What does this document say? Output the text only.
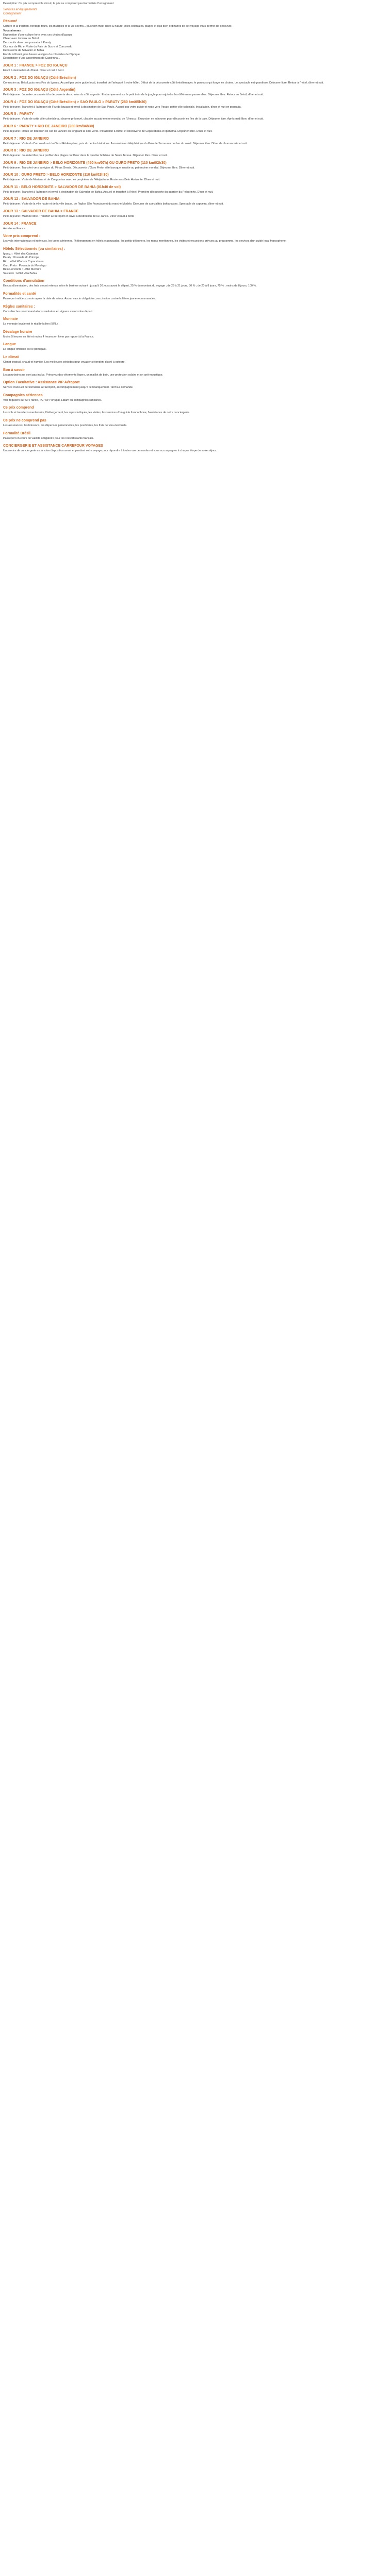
Description: Ce prix comprend le circuit, le prix ne comprend pas Formalités Consignment

Services et équipements
Consignment
Résumé

Culture et la tradition, heritage tours, les multiples of la vie seems... plus with most cities & nature, villes coloniales, plages et plus bien ordinaires de cet voyage vous permet de découvrir.

Vous aimerez :
Exploration d'une culture forte avec ces chutes d'Iguaçu
Cheer avec travaux au Brésil
Deux nuits dans une pousada à Paraty
City tour de Rio et Visite du Pain de Sucre et Corcovado
Découverte de Salvador et Bahia
Escale à Parati, plus beaux vestiges du coloniales de l'époque
Dégustation d'une assortiment de Caipirinha...
JOUR 1 : FRANCE > FOZ DO IGUAÇU

Envol à destination du Brésil. Dîner et nuit à bord.

JOUR 2 : FOZ DO IGUAÇU (Côté Brésilien)

Connexion au Brésil, puis vers Foz do Iguaçu. Accueil par votre guide local, transfert de l'aéroport à votre hôtel. Début de la découverte côté brésilien avec le parcours qui longe les chutes. Le spectacle est grandiose. Déjeuner libre. Retour à l'hôtel, dîner et nuit.

JOUR 3 : FOZ DO IGUAÇU (Côté Argentin)

Petit-déjeuner. Journée consacrée à la découverte des chutes du côté argentin. Embarquement sur le petit train de la jungle pour rejoindre les différentes passerelles. Déjeuner libre. Retour au Brésil, dîner et nuit.

JOUR 4 : FOZ DO IGUAÇU (Côté Brésilien) > SAO PAULO > PARATY (280 km/05h30)

Petit-déjeuner. Transfert à l'aéroport de Foz do Iguaçu et envol à destination de Sao Paulo. Accueil par votre guide et route vers Paraty, petite ville coloniale. Installation, dîner et nuit en pousada.

JOUR 5 : PARATY

Petit-déjeuner. Visite de cette ville coloniale au charme préservé, classée au patrimoine mondial de l'Unesco. Excursion en schooner pour découvrir les îles de la baie. Déjeuner libre. Après-midi libre, dîner et nuit.

JOUR 6 : PARATY > RIO DE JANEIRO (260 km/04h30)

Petit-déjeuner. Route en direction de Rio de Janeiro en longeant la côte verte. Installation à l'hôtel et découverte de Copacabana et Ipanema. Déjeuner libre. Dîner et nuit.

JOUR 7 : RIO DE JANEIRO

Petit-déjeuner. Visite du Corcovado et du Christ Rédempteur, puis du centre historique. Ascension en téléphérique du Pain de Sucre au coucher du soleil. Déjeuner libre. Dîner de churrascaria et nuit.

JOUR 8 : RIO DE JANEIRO

Petit-déjeuner. Journée libre pour profiter des plages ou flâner dans le quartier bohème de Santa Teresa. Déjeuner libre. Dîner et nuit.

JOUR 9 : RIO DE JANEIRO > BELO HORIZONTE (450 km/07h) OU OURO PRETO (110 km/02h30)

Petit-déjeuner. Transfert vers la région du Minas Gerais. Découverte d'Ouro Preto, ville baroque inscrite au patrimoine mondial. Déjeuner libre. Dîner et nuit.

JOUR 10 : OURO PRETO > BELO HORIZONTE (110 km/02h30)

Petit-déjeuner. Visite de Mariana et de Congonhas avec les prophètes de l'Aleijadinho. Route vers Belo Horizonte. Dîner et nuit.

JOUR 11 : BELO HORIZONTE > SALVADOR DE BAHIA (01h40 de vol)

Petit-déjeuner. Transfert à l'aéroport et envol à destination de Salvador de Bahia. Accueil et transfert à l'hôtel. Première découverte du quartier du Pelourinho. Dîner et nuit.

JOUR 12 : SALVADOR DE BAHIA

Petit-déjeuner. Visite de la ville haute et de la ville basse, de l'église São Francisco et du marché Modelo. Déjeuner de spécialités bahianaises. Spectacle de capoeira, dîner et nuit.

JOUR 13 : SALVADOR DE BAHIA > FRANCE

Petit-déjeuner. Matinée libre. Transfert à l'aéroport et envol à destination de la France. Dîner et nuit à bord.

JOUR 14 : FRANCE

Arrivée en France.

Votre prix comprend :

Les vols internationaux et intérieurs, les taxes aériennes, l'hébergement en hôtels et pousadas, les petits-déjeuners, les repas mentionnés, les visites et excursions prévues au programme, les services d'un guide local francophone.

Hôtels Sélectionnés (ou similaires) :
Iguaçu : Hôtel des Cataratas
Paraty : Pousada do Principe
Rio : Hôtel Windsor Copacabana
Ouro Preto : Pousada do Mondego
Belo Horizonte : Hôtel Mercure
Salvador : Hôtel Villa Bahia
Conditions d'annulation

En cas d'annulation, des frais seront retenus selon le barème suivant : jusqu'à 30 jours avant le départ, 25 % du montant du voyage ; de 29 à 21 jours, 50 % ; de 20 à 8 jours, 75 % ; moins de 8 jours, 100 %.

Formalités et santé

Passeport valide six mois après la date de retour. Aucun vaccin obligatoire, vaccination contre la fièvre jaune recommandée.

Règles sanitaires :

Consultez les recommandations sanitaires en vigueur avant votre départ.

Monnaie

La monnaie locale est le réal brésilien (BRL).

Décalage horaire

Moins 5 heures en été et moins 4 heures en hiver par rapport à la France.

Langue

La langue officielle est le portugais.

Le climat

Climat tropical, chaud et humide. Les meilleures périodes pour voyager s'étendent d'avril à octobre.

Bon à savoir

Les pourboires ne sont pas inclus. Prévoyez des vêtements légers, un maillot de bain, une protection solaire et un anti-moustique.

Option Facultative : Assistance VIP Aéroport

Service d'accueil personnalisé à l'aéroport, accompagnement jusqu'à l'embarquement. Tarif sur demande.

Compagnies aériennes

Vols réguliers sur Air France, TAP Air Portugal, Latam ou compagnies similaires.

Ce prix comprend

Les vols et transferts mentionnés, l'hébergement, les repas indiqués, les visites, les services d'un guide francophone, l'assistance de notre conciergerie.

Ce prix ne comprend pas

Les assurances, les boissons, les dépenses personnelles, les pourboires, les frais de visa éventuels.

Formalité Brésil

Passeport en cours de validité obligatoire pour les ressortissants français.

CONCIERGERIE ET ASSISTANCE CARREFOUR VOYAGES

Un service de conciergerie est à votre disposition avant et pendant votre voyage pour répondre à toutes vos demandes et vous accompagner à chaque étape de votre séjour.
